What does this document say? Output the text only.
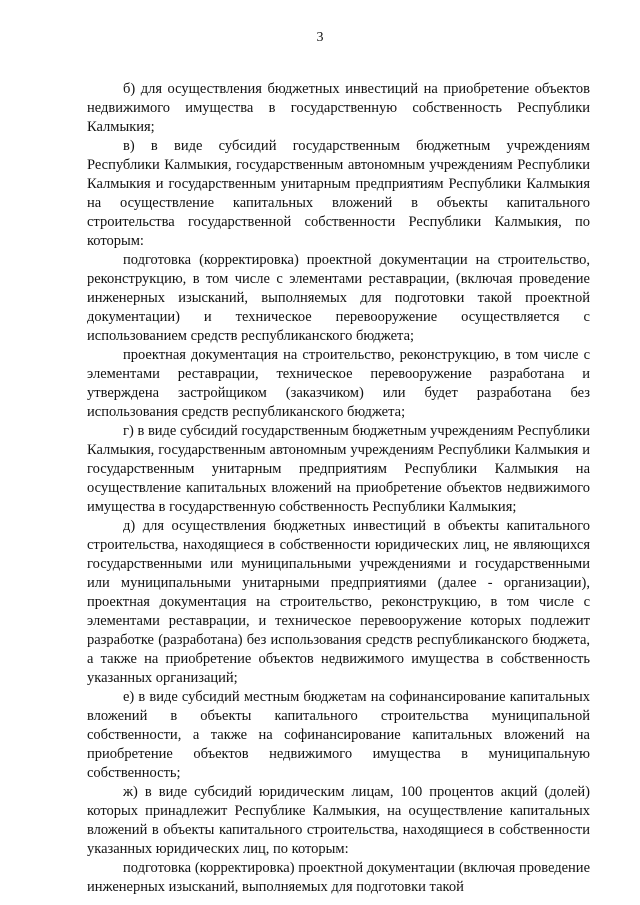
3

б) для осуществления бюджетных инвестиций на приобретение объектов недвижимого имущества в государственную собственность Республики Калмыкия;

в) в виде субсидий государственным бюджетным учреждениям Республики Калмыкия, государственным автономным учреждениям Республики Калмыкия и государственным унитарным предприятиям Республики Калмыкия на осуществление капитальных вложений в объекты капитального строительства государственной собственности Республики Калмыкия, по которым:

подготовка (корректировка) проектной документации на строительство, реконструкцию, в том числе с элементами реставрации, (включая проведение инженерных изысканий, выполняемых для подготовки такой проектной документации) и техническое перевооружение осуществляется с использованием средств республиканского бюджета;

проектная документация на строительство, реконструкцию, в том числе с элементами реставрации, техническое перевооружение разработана и утверждена застройщиком (заказчиком) или будет разработана без использования средств республиканского бюджета;

г) в виде субсидий государственным бюджетным учреждениям Республики Калмыкия, государственным автономным учреждениям Республики Калмыкия и государственным унитарным предприятиям Республики Калмыкия на осуществление капитальных вложений на приобретение объектов недвижимого имущества в государственную собственность Республики Калмыкия;

д) для осуществления бюджетных инвестиций в объекты капитального строительства, находящиеся в собственности юридических лиц, не являющихся государственными или муниципальными учреждениями и государственными или муниципальными унитарными предприятиями (далее - организации), проектная документация на строительство, реконструкцию, в том числе с элементами реставрации, и техническое перевооружение которых подлежит разработке (разработана) без использования средств республиканского бюджета, а также на приобретение объектов недвижимого имущества в собственность указанных организаций;

е) в виде субсидий местным бюджетам на софинансирование капитальных вложений в объекты капитального строительства муниципальной собственности, а также на софинансирование капитальных вложений на приобретение объектов недвижимого имущества в муниципальную собственность;

ж) в виде субсидий юридическим лицам, 100 процентов акций (долей) которых принадлежит Республике Калмыкия, на осуществление капитальных вложений в объекты капитального строительства, находящиеся в собственности указанных юридических лиц, по которым:

подготовка (корректировка) проектной документации (включая проведение инженерных изысканий, выполняемых для подготовки такой
